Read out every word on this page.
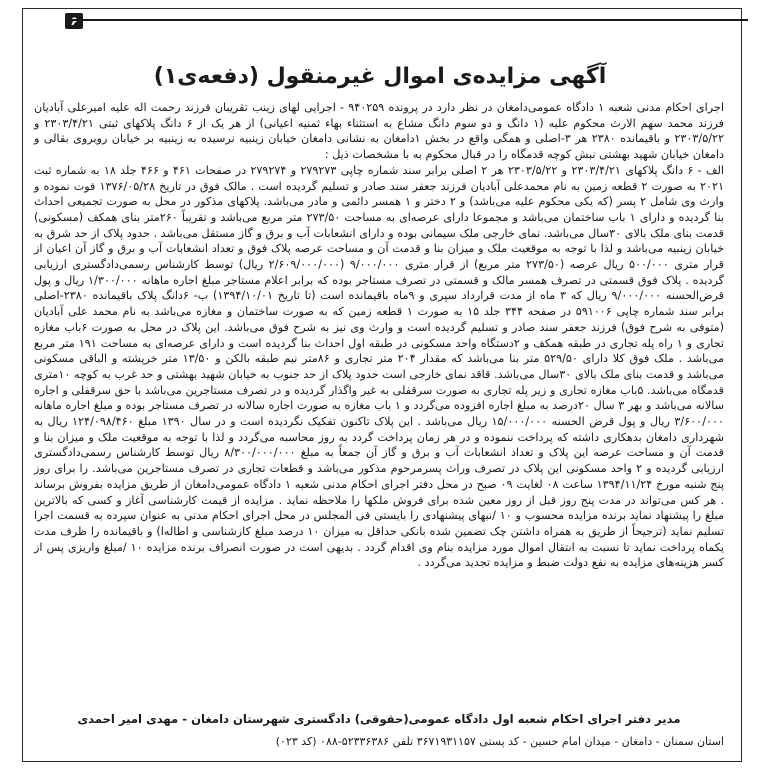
۶
آگهی مزایده‌ی اموال غیرمنقول (دفعه‌ی۱)

اجرای احکام مدنی شعبه ۱ دادگاه عمومی‌دامغان در نظر دارد در پرونده ۹۴۰۲۵۹ - اجرایی لهای زینب تقریبان فرزند رحمت اله علیه امیرعلی آبادیان فرزند محمد سهم الارث محکوم علیه (۱ دانگ و دو سوم دانگ مشاع به استثناء بهاء ثمنیه اعیانی) از هر یک از ۶ دانگ پلاکهای ثبتی ۲۳۰۳/۴/۲۱ و ۲۳۰۳/۵/۲۲ و باقیمانده ۲۳۸۰ هر ۳-اصلی و همگی واقع در بخش ۱دامغان به نشانی دامغان خیابان زینبیه نرسیده به زینبیه بر خیابان روبروی بقالی و دامغان خیابان شهید بهشتی نبش کوچه قدمگاه را در قبال محکوم به با مشخصات ذیل :

الف - ۶ دانگ پلاکهای ۲۳۰۳/۴/۲۱ و ۲۳۰۳/۵/۲۲ هر ۲ اصلی برابر سند شماره چاپی ۲۷۹۲۷۳ و ۲۷۹۲۷۴ در صفحات ۴۶۱ و ۴۶۶ جلد ۱۸ به شماره ثبت ۲۰۲۱ به صورت ۲ قطعه زمین به نام محمدعلی آبادیان فرزند جعفر سند صادر و تسلیم گردیده است . مالک فوق در تاریخ ۱۳۷۶/۰۵/۲۸ فوت نموده و وارث وی شامل ۲ پسر (که یکی محکوم علیه می‌باشد) و ۲ دختر و ۱ همسر دائمی و مادر می‌باشد. پلاکهای مذکور در محل به صورت تجمیعی احداث بنا گردیده و دارای ۱ باب ساختمان می‌باشد و مجموعا دارای عرصه‌ای به مساحت ۲۷۳/۵۰ متر مربع می‌باشد و تقریباً ۲۶۰متر بنای همکف (مسکونی) قدمت بنای ملک بالای ۳۰سال می‌باشد. نمای خارجی ملک سیمانی بوده و دارای انشعابات آب و برق و گاز مستقل می‌باشد . حدود پلاک از حد شرق به خیابان زینبیه می‌باشد و لذا با توجه به موقعیت ملک و میزان بنا و قدمت آن و مساحت عرصه پلاک فوق و تعداد انشعابات آب و برق و گاز آن اعیان از قرار متری ۵۰۰/۰۰۰ ریال عرصه (۲۷۳/۵۰ متر مربع) از قرار متری ۹/۰۰۰/۰۰۰ (۲/۶۰۹/۰۰۰/۰۰۰ ریال) توسط کارشناس رسمی‌دادگستری ارزیابی گردیده . پلاک فوق قسمتی در تصرف همسر مالک و قسمتی در تصرف مستاجر بوده که برابر اعلام مستاجر مبلغ اجاره ماهانه ۱/۳۰۰/۰۰۰ ریال و پول قرض‌الحسنه ۹/۰۰۰/۰۰۰ ریال که ۳ ماه از مدت قرارداد سپری و ۹ماه باقیمانده است (تا تاریخ ۱۳۹۴/۱۰/۰۱) ب- ۶دانگ پلاک باقیمانده ۲۳۸۰-اصلی برابر سند شماره چاپی ۵۹۱۰۰۶ در صفحه ۳۴۴ جلد ۱۵ به صورت ۱ قطعه زمین که به صورت ساختمان و مغازه می‌باشد به نام محمد علی آبادیان (متوفی به شرح فوق) فرزند جعفر سند صادر و تسلیم گردیده است و وارث وی نیز به شرح فوق می‌باشد. این پلاک در محل به صورت ۶باب مغازه تجاری و ۱ راه پله تجاری در طبقه همکف و ۲دستگاه واحد مسکونی در طبقه اول احداث بنا گردیده است و دارای عرصه‌ای به مساحت ۱۹۱ متر مربع می‌باشد . ملک فوق کلا دارای ۵۲۹/۵۰ متر بنا می‌باشد که مقدار ۲۰۴ متر تجاری و ۸۶متر نیم طبقه بالکن و ۱۳/۵۰ متر خرپشته و الباقی مسکونی می‌باشد و قدمت بنای ملک بالای ۳۰سال می‌باشد. قاقد نمای خارجی است حدود پلاک از حد جنوب به خیابان شهید بهشتی و حد غرب به کوچه ۱۰متری قدمگاه می‌باشد. ۵باب مغازه تجاری و زیر پله تجاری به صورت سرقفلی به غیر واگذار گردیده و در تصرف مستاجرین می‌باشد با حق سرقفلی و اجاره سالانه می‌باشد و بهر ۳ سال ۲۰درصد به مبلغ اجاره افزوده می‌گردد و ۱ باب مغازه به صورت اجاره سالانه در تصرف مستاجر بوده و مبلغ اجاره ماهانه ۳/۶۰۰/۰۰۰ ریال و پول قرض الحسنه ۱۵/۰۰۰/۰۰۰ ریال می‌باشد . این پلاک تاکنون تفکیک نگردیده است و در سال ۱۳۹۰ مبلغ ۱۲۴/۰۹۸/۴۶۰ ریال به شهرداری دامغان بدهکاری داشته که پرداخت ننموده و در هر زمان پرداخت گردد به روز محاسبه می‌گردد و لذا با توجه به موقعیت ملک و میزان بنا و قدمت آن و مساحت عرصه این پلاک و تعداد انشعابات آب و برق و گاز آن جمعاً به مبلغ ۸/۳۰۰/۰۰۰/۰۰۰ ریال توسط کارشناس رسمی‌دادگستری ارزیابی گردیده و ۲ واحد مسکونی این پلاک در تصرف وراث پسرمرحوم مذکور می‌باشد و قطعات تجاری در تصرف مستاجرین می‌باشد. را برای روز پنج شنبه مورخ ۱۳۹۴/۱۱/۲۴ ساعت ۰۸ لغایت ۰۹ صبح در محل دفتر اجرای احکام مدنی شعبه ۱ دادگاه عمومی‌دامغان از طریق مزایده بفروش برساند . هر کس می‌تواند در مدت پنج روز قبل از روز معین شده برای فروش ملکها را ملاحظه نماید . مزایده از قیمت کارشناسی آغاز و کسی که بالاترین مبلغ را پیشنهاد نماید برنده مزایده محسوب و ۱۰ /نبهای پیشنهادی را بایستی فی المجلس در محل اجرای احکام مدنی به عنوان سپرده به قسمت اجرا تسلیم نماید (ترجیحاً از طریق به همراه داشتن چک تضمین شده بانکی حداقل به میزان ۱۰ درصد مبلغ کارشناسی و اطاله‌ا) و باقیمانده را ظرف مدت یکماه پرداخت نماید تا نسبت به انتقال اموال مورد مزایده بنام وی اقدام گردد . بدیهی است در صورت انصراف برنده مزایده ۱۰ /مبلغ واریزی پس از کسر هزینه‌های مزایده به نفع دولت ضبط و مزایده تجدید می‌گردد .

مدیر دفتر اجرای احکام شعبه اول دادگاه عمومی(حقوقی) دادگستری شهرستان دامغان - مهدی امیر احمدی
استان سمنان - دامغان - میدان امام حسین - کد پستی ۳۶۷۱۹۳۱۱۵۷ تلفن ۵۲۳۳۶۳۸۶-۰۸۸ (کد ۰۲۳)
